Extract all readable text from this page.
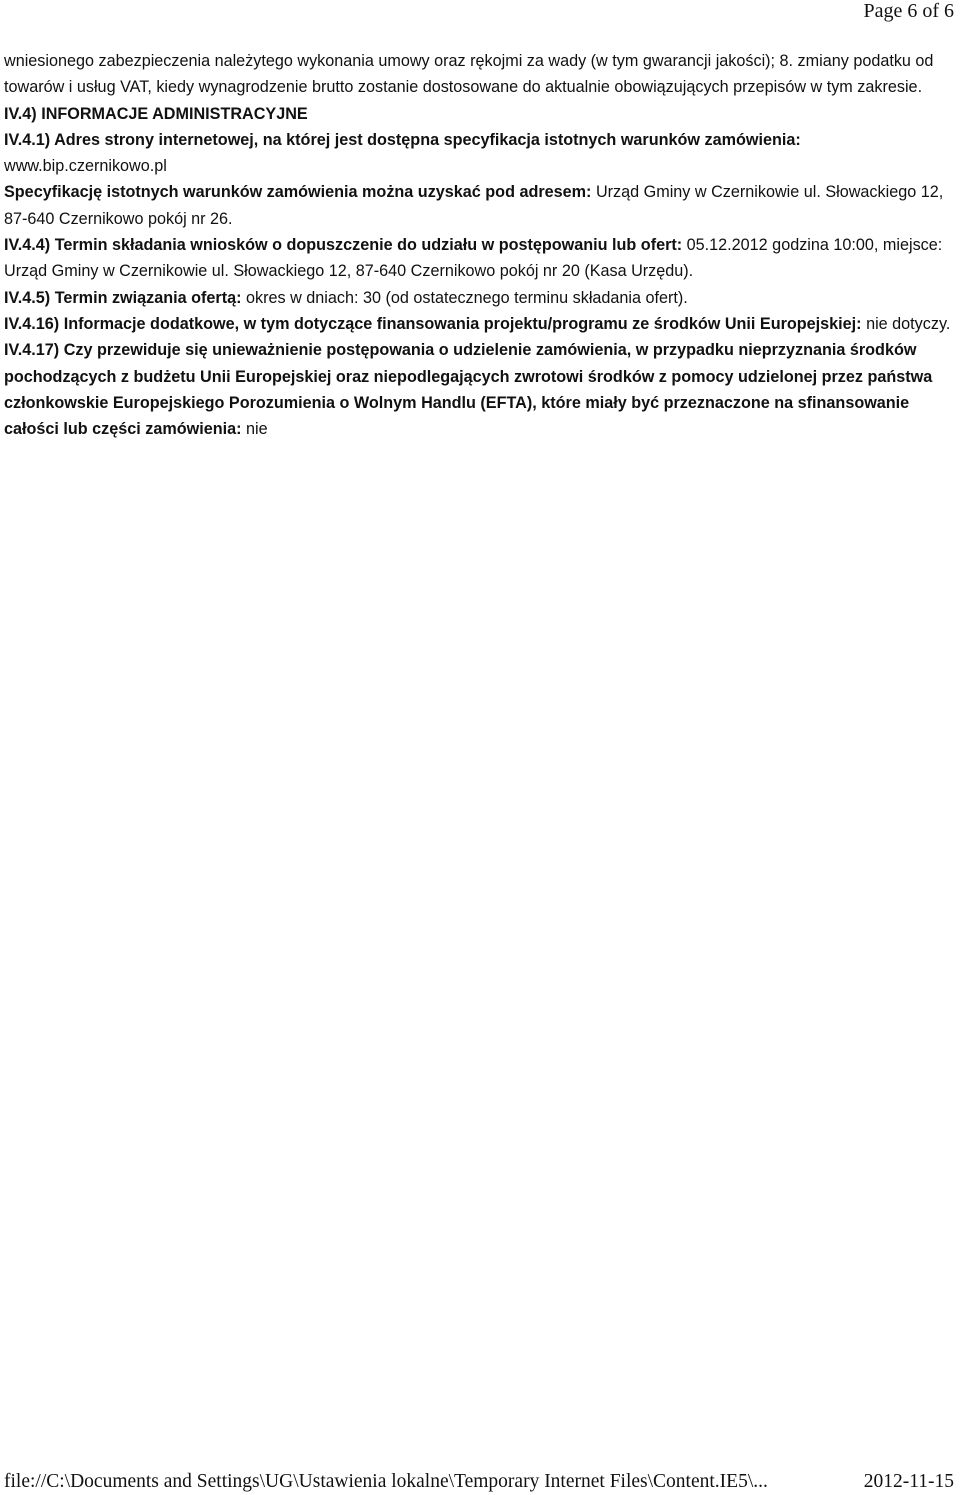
Page 6 of 6

wniesionego zabezpieczenia należytego wykonania umowy oraz rękojmi za wady (w tym gwarancji jakości); 8. zmiany podatku od towarów i usług VAT, kiedy wynagrodzenie brutto zostanie dostosowane do aktualnie obowiązujących przepisów w tym zakresie.

IV.4) INFORMACJE ADMINISTRACYJNE

IV.4.1) Adres strony internetowej, na której jest dostępna specyfikacja istotnych warunków zamówienia:
www.bip.czernikowo.pl

Specyfikację istotnych warunków zamówienia można uzyskać pod adresem: Urząd Gminy w Czernikowie ul. Słowackiego 12, 87-640 Czernikowo pokój nr 26.

IV.4.4) Termin składania wniosków o dopuszczenie do udziału w postępowaniu lub ofert: 05.12.2012 godzina 10:00, miejsce: Urząd Gminy w Czernikowie ul. Słowackiego 12, 87-640 Czernikowo pokój nr 20 (Kasa Urzędu).

IV.4.5) Termin związania ofertą: okres w dniach: 30 (od ostatecznego terminu składania ofert).

IV.4.16) Informacje dodatkowe, w tym dotyczące finansowania projektu/programu ze środków Unii Europejskiej: nie dotyczy.

IV.4.17) Czy przewiduje się unieważnienie postępowania o udzielenie zamówienia, w przypadku nieprzyznania środków pochodzących z budżetu Unii Europejskiej oraz niepodlegających zwrotowi środków z pomocy udzielonej przez państwa członkowskie Europejskiego Porozumienia o Wolnym Handlu (EFTA), które miały być przeznaczone na sfinansowanie całości lub części zamówienia: nie

file://C:\Documents and Settings\UG\Ustawienia lokalne\Temporary Internet Files\Content.IE5\...	2012-11-15
